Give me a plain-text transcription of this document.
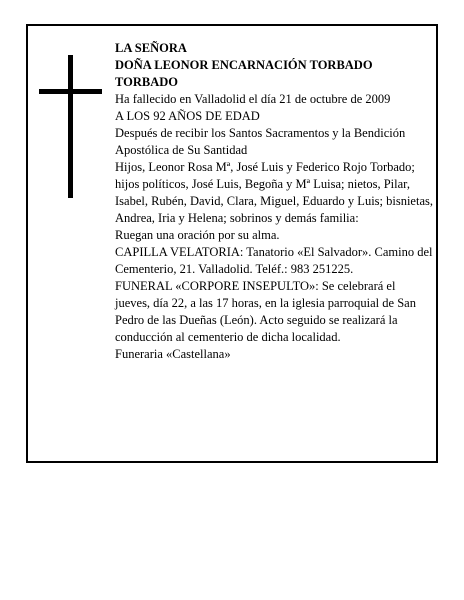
LA SEÑORA

DOÑA LEONOR ENCARNACIÓN TORBADO TORBADO

Ha fallecido en Valladolid el día 21 de octubre de 2009

A LOS 92 AÑOS DE EDAD

Después de recibir los Santos Sacramentos y la Bendición Apostólica de Su Santidad

Hijos, Leonor Rosa Mª, José Luis y Federico Rojo Torbado; hijos políticos, José Luis, Begoña y Mª Luisa; nietos, Pilar, Isabel, Rubén, David, Clara, Miguel, Eduardo y Luis; bisnietas, Andrea, Iria y Helena; sobrinos y demás familia:

Ruegan una oración por su alma.

CAPILLA VELATORIA: Tanatorio «El Salvador». Camino del Cementerio, 21. Valladolid. Teléf.: 983 251225.

FUNERAL «CORPORE INSEPULTO»: Se celebrará el jueves, día 22, a las 17 horas, en la iglesia parroquial de San Pedro de las Dueñas (León). Acto seguido se realizará la conducción al cementerio de dicha localidad.

Funeraria «Castellana»
